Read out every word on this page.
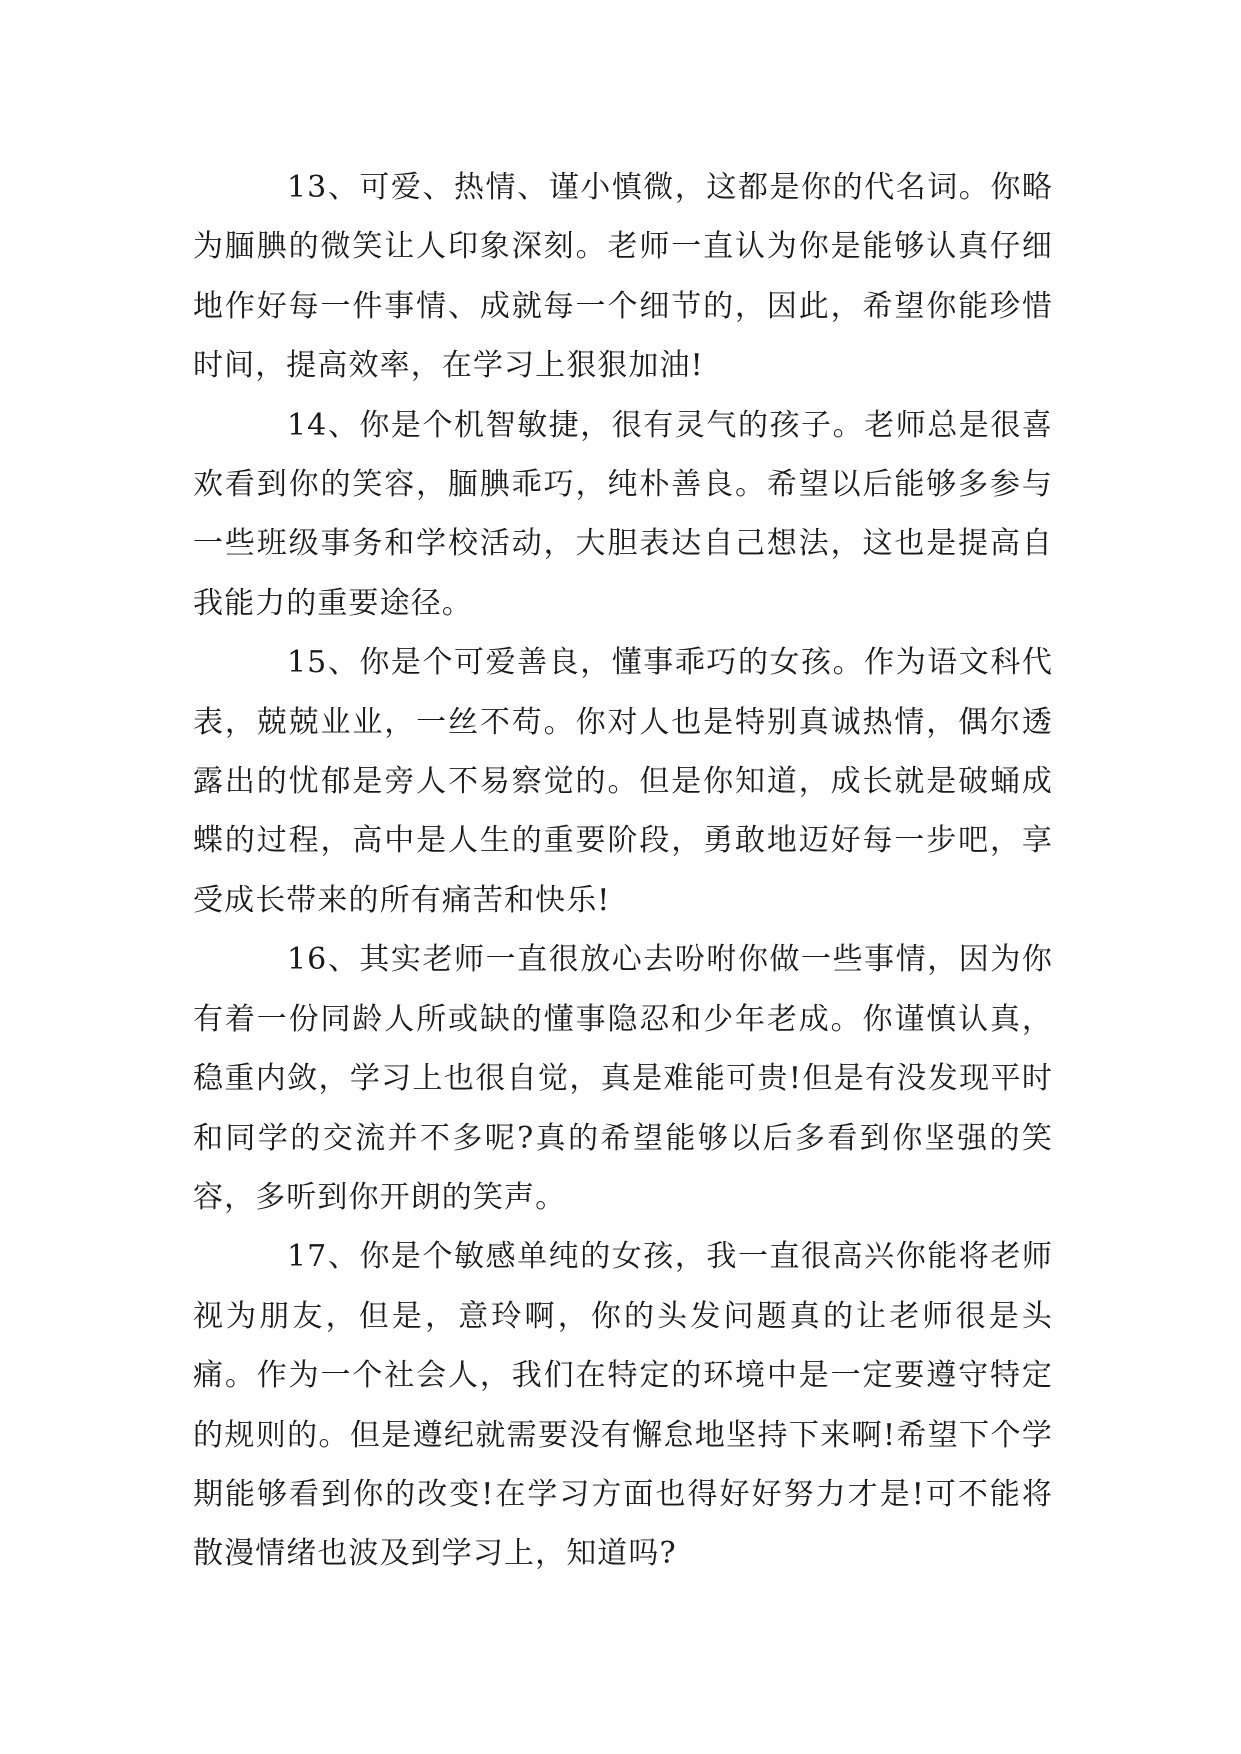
13、可爱、热情、谨小慎微，这都是你的代名词。你略为腼腆的微笑让人印象深刻。老师一直认为你是能够认真仔细地作好每一件事情、成就每一个细节的，因此，希望你能珍惜时间，提高效率，在学习上狠狠加油!

14、你是个机智敏捷，很有灵气的孩子。老师总是很喜欢看到你的笑容，腼腆乖巧，纯朴善良。希望以后能够多参与一些班级事务和学校活动，大胆表达自己想法，这也是提高自我能力的重要途径。

15、你是个可爱善良，懂事乖巧的女孩。作为语文科代表，兢兢业业，一丝不苟。你对人也是特别真诚热情，偶尔透露出的忧郁是旁人不易察觉的。但是你知道，成长就是破蛹成蝶的过程，高中是人生的重要阶段，勇敢地迈好每一步吧，享受成长带来的所有痛苦和快乐!

16、其实老师一直很放心去吩咐你做一些事情，因为你有着一份同龄人所或缺的懂事隐忍和少年老成。你谨慎认真，稳重内敛，学习上也很自觉，真是难能可贵!但是有没发现平时和同学的交流并不多呢?真的希望能够以后多看到你坚强的笑容，多听到你开朗的笑声。

17、你是个敏感单纯的女孩，我一直很高兴你能将老师视为朋友，但是，意玲啊，你的头发问题真的让老师很是头痛。作为一个社会人，我们在特定的环境中是一定要遵守特定的规则的。但是遵纪就需要没有懈怠地坚持下来啊!希望下个学期能够看到你的改变!在学习方面也得好好努力才是!可不能将散漫情绪也波及到学习上，知道吗?
